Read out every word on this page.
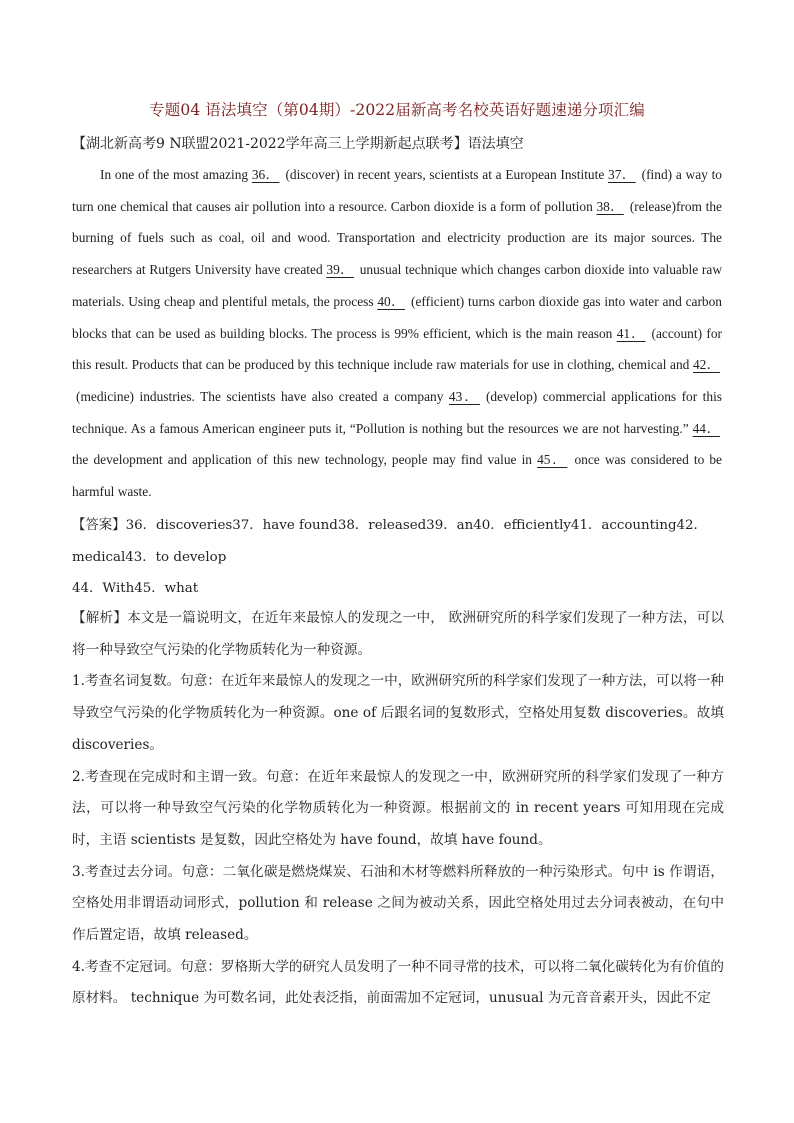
专题04 语法填空（第04期）-2022届新高考名校英语好题速递分项汇编
【湖北新高考9 N联盟2021-2022学年高三上学期新起点联考】语法填空

In one of the most amazing 36． (discover) in recent years, scientists at a European Institute 37． (find) a way to turn one chemical that causes air pollution into a resource. Carbon dioxide is a form of pollution 38． (release)from the burning of fuels such as coal, oil and wood. Transportation and electricity production are its major sources. The researchers at Rutgers University have created 39． unusual technique which changes carbon dioxide into valuable raw materials. Using cheap and plentiful metals, the process 40． (efficient) turns carbon dioxide gas into water and carbon blocks that can be used as building blocks. The process is 99% efficient, which is the main reason 41． (account) for this result. Products that can be produced by this technique include raw materials for use in clothing, chemical and 42．(medicine) industries. The scientists have also created a company 43． (develop) commercial applications for this technique. As a famous American engineer puts it, “Pollution is nothing but the resources we are not harvesting.” 44． the development and application of this new technology, people may find value in 45． once was considered to be harmful waste.

【答案】36．discoveries37．have found38．released39．an40．efficiently41．accounting42．medical43．to develop
44．With45．what

【解析】本文是一篇说明文，在近年来最惊人的发现之一中， 欧洲研究所的科学家们发现了一种方法，可以将一种导致空气污染的化学物质转化为一种资源。

1.考查名词复数。句意：在近年来最惊人的发现之一中，欧洲研究所的科学家们发现了一种方法，可以将一种导致空气污染的化学物质转化为一种资源。one of 后跟名词的复数形式，空格处用复数 discoveries。故填 discoveries。

2.考查现在完成时和主谓一致。句意：在近年来最惊人的发现之一中，欧洲研究所的科学家们发现了一种方法，可以将一种导致空气污染的化学物质转化为一种资源。根据前文的 in recent years 可知用现在完成时，主语 scientists 是复数，因此空格处为 have found，故填 have found。

3.考查过去分词。句意：二氧化碳是燃烧煤炭、石油和木材等燃料所释放的一种污染形式。句中 is 作谓语，空格处用非谓语动词形式，pollution 和 release 之间为被动关系，因此空格处用过去分词表被动，在句中作后置定语，故填 released。

4.考查不定冠词。句意：罗格斯大学的研究人员发明了一种不同寻常的技术，可以将二氧化碳转化为有价值的原材料。 technique 为可数名词，此处表泛指，前面需加不定冠词，unusual 为元音音素开头，因此不定
